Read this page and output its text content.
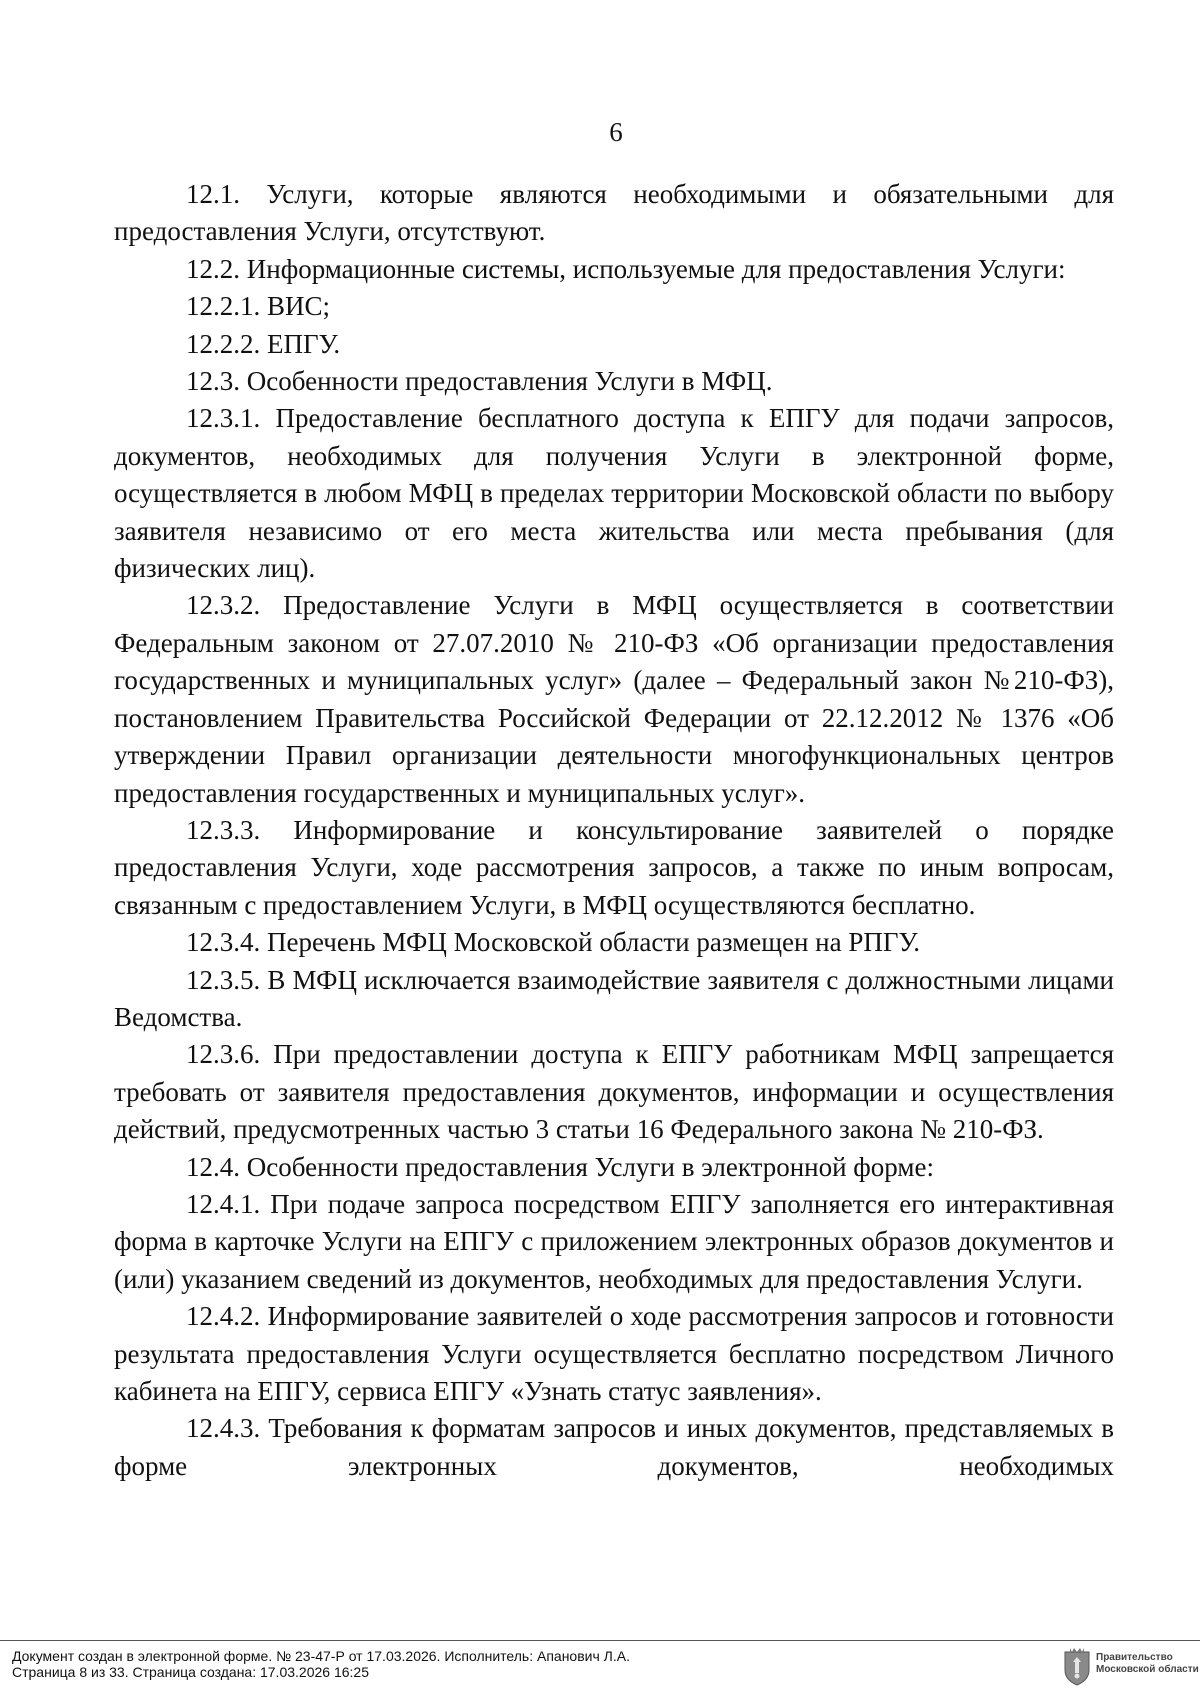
6

12.1. Услуги, которые являются необходимыми и обязательными для предоставления Услуги, отсутствуют.

12.2. Информационные системы, используемые для предоставления Услуги:

12.2.1. ВИС;

12.2.2. ЕПГУ.

12.3. Особенности предоставления Услуги в МФЦ.

12.3.1. Предоставление бесплатного доступа к ЕПГУ для подачи запросов, документов, необходимых для получения Услуги в электронной форме, осуществляется в любом МФЦ в пределах территории Московской области по выбору заявителя независимо от его места жительства или места пребывания (для физических лиц).

12.3.2. Предоставление Услуги в МФЦ осуществляется в соответствии Федеральным законом от 27.07.2010 № 210-ФЗ «Об организации предоставления государственных и муниципальных услуг» (далее – Федеральный закон №210-ФЗ), постановлением Правительства Российской Федерации от 22.12.2012 № 1376 «Об утверждении Правил организации деятельности многофункциональных центров предоставления государственных и муниципальных услуг».

12.3.3. Информирование и консультирование заявителей о порядке предоставления Услуги, ходе рассмотрения запросов, а также по иным вопросам, связанным с предоставлением Услуги, в МФЦ осуществляются бесплатно.

12.3.4. Перечень МФЦ Московской области размещен на РПГУ.

12.3.5. В МФЦ исключается взаимодействие заявителя с должностными лицами Ведомства.

12.3.6. При предоставлении доступа к ЕПГУ работникам МФЦ запрещается требовать от заявителя предоставления документов, информации и осуществления действий, предусмотренных частью 3 статьи 16 Федерального закона № 210-ФЗ.

12.4. Особенности предоставления Услуги в электронной форме:

12.4.1. При подаче запроса посредством ЕПГУ заполняется его интерактивная форма в карточке Услуги на ЕПГУ с приложением электронных образов документов и (или) указанием сведений из документов, необходимых для предоставления Услуги.

12.4.2. Информирование заявителей о ходе рассмотрения запросов и готовности результата предоставления Услуги осуществляется бесплатно посредством Личного кабинета на ЕПГУ, сервиса ЕПГУ «Узнать статус заявления».

12.4.3. Требования к форматам запросов и иных документов, представляемых в форме электронных документов, необходимых

Документ создан в электронной форме. № 23-47-Р от 17.03.2026. Исполнитель: Апанович Л.А.
Страница 8 из 33. Страница создана: 17.03.2026 16:25
Правительство
Московской области
